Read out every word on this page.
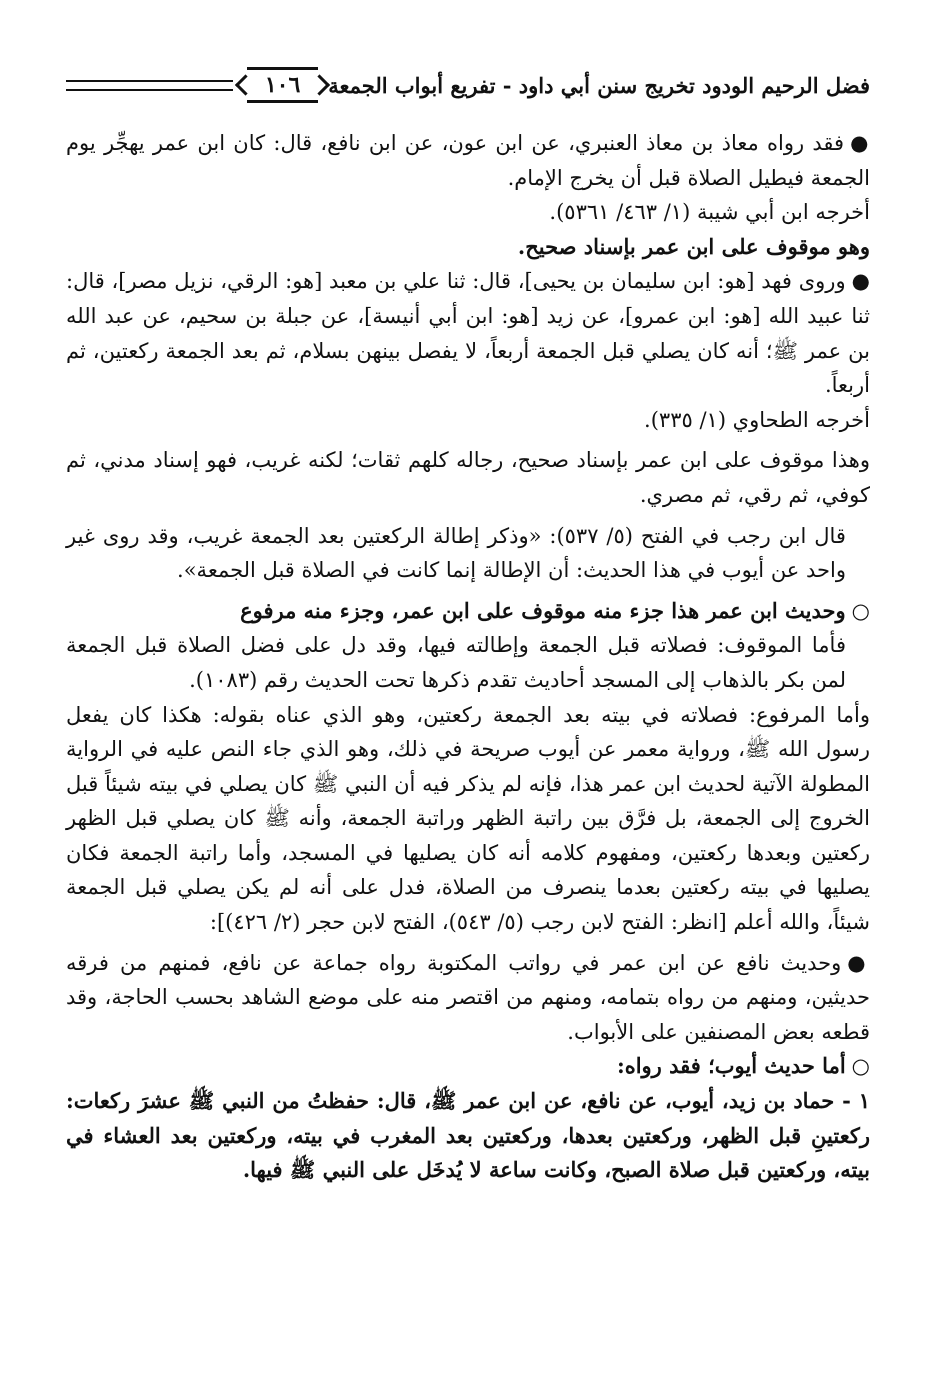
فضل الرحيم الودود تخريج سنن أبي داود - تفريع أبواب الجمعة
١٠٦

●فقد رواه معاذ بن معاذ العنبري، عن ابن عون، عن ابن نافع، قال: كان ابن عمر يهجِّر يوم الجمعة فيطيل الصلاة قبل أن يخرج الإمام.

أخرجه ابن أبي شيبة (١/ ٤٦٣/ ٥٣٦١).

وهو موقوف على ابن عمر بإسناد صحيح.

●وروى فهد [هو: ابن سليمان بن يحيى]، قال: ثنا علي بن معبد [هو: الرقي، نزيل مصر]، قال: ثنا عبيد الله [هو: ابن عمرو]، عن زيد [هو: ابن أبي أنيسة]، عن جبلة بن سحيم، عن عبد الله بن عمر ﷺ؛ أنه كان يصلي قبل الجمعة أربعاً، لا يفصل بينهن بسلام، ثم بعد الجمعة ركعتين، ثم أربعاً.

أخرجه الطحاوي (١/ ٣٣٥).

وهذا موقوف على ابن عمر بإسناد صحيح، رجاله كلهم ثقات؛ لكنه غريب، فهو إسناد مدني، ثم كوفي، ثم رقي، ثم مصري.

قال ابن رجب في الفتح (٥/ ٥٣٧): «وذكر إطالة الركعتين بعد الجمعة غريب، وقد روى غير واحد عن أيوب في هذا الحديث: أن الإطالة إنما كانت في الصلاة قبل الجمعة».

○وحديث ابن عمر هذا جزء منه موقوف على ابن عمر، وجزء منه مرفوع

فأما الموقوف: فصلاته قبل الجمعة وإطالته فيها، وقد دل على فضل الصلاة قبل الجمعة لمن بكر بالذهاب إلى المسجد أحاديث تقدم ذكرها تحت الحديث رقم (١٠٨٣).

وأما المرفوع: فصلاته في بيته بعد الجمعة ركعتين، وهو الذي عناه بقوله: هكذا كان يفعل رسول الله ﷺ، ورواية معمر عن أيوب صريحة في ذلك، وهو الذي جاء النص عليه في الرواية المطولة الآتية لحديث ابن عمر هذا، فإنه لم يذكر فيه أن النبي ﷺ كان يصلي في بيته شيئاً قبل الخروج إلى الجمعة، بل فرَّق بين راتبة الظهر وراتبة الجمعة، وأنه ﷺ كان يصلي قبل الظهر ركعتين وبعدها ركعتين، ومفهوم كلامه أنه كان يصليها في المسجد، وأما راتبة الجمعة فكان يصليها في بيته ركعتين بعدما ينصرف من الصلاة، فدل على أنه لم يكن يصلي قبل الجمعة شيئاً، والله أعلم [انظر: الفتح لابن رجب (٥/ ٥٤٣)، الفتح لابن حجر (٢/ ٤٢٦)]:

●وحديث نافع عن ابن عمر في رواتب المكتوبة رواه جماعة عن نافع، فمنهم من فرقه حديثين، ومنهم من رواه بتمامه، ومنهم من اقتصر منه على موضع الشاهد بحسب الحاجة، وقد قطعه بعض المصنفين على الأبواب.

○أما حديث أيوب؛ فقد رواه:

١ - حماد بن زيد، أيوب، عن نافع، عن ابن عمر ﷺ، قال: حفظتُ من النبي ﷺ عشرَ ركعات: ركعتينِ قبل الظهر، وركعتين بعدها، وركعتين بعد المغرب في بيته، وركعتين بعد العشاء في بيته، وركعتين قبل صلاة الصبح، وكانت ساعة لا يُدخَل على النبي ﷺ فيها.
